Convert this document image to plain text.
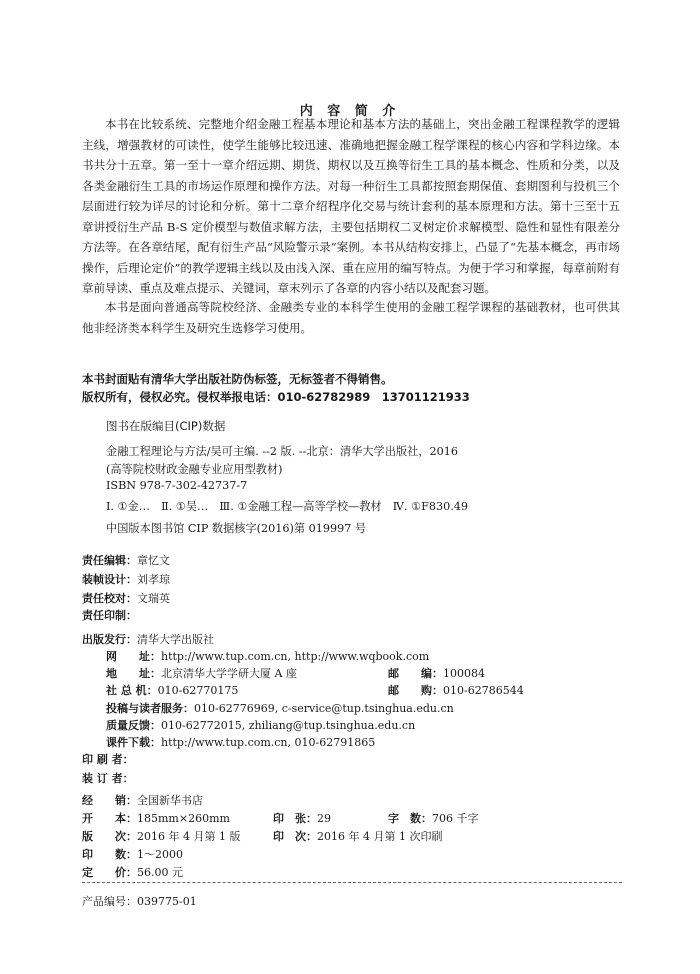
内 容 简 介

本书在比较系统、完整地介绍金融工程基本理论和基本方法的基础上，突出金融工程课程教学的逻辑主线，增强教材的可读性，使学生能够比较迅速、准确地把握金融工程学课程的核心内容和学科边缘。本书共分十五章。第一至十一章介绍远期、期货、期权以及互换等衍生工具的基本概念、性质和分类，以及各类金融衍生工具的市场运作原理和操作方法。对每一种衍生工具都按照套期保值、套期图利与投机三个层面进行较为详尽的讨论和分析。第十二章介绍程序化交易与统计套利的基本原理和方法。第十三至十五章讲授衍生产品 B-S 定价模型与数值求解方法，主要包括期权二叉树定价求解模型、隐性和显性有限差分方法等。在各章结尾，配有衍生产品“风险警示录”案例。本书从结构安排上，凸显了“先基本概念，再市场操作，后理论定价”的教学逻辑主线以及由浅入深、重在应用的编写特点。为便于学习和掌握，每章前附有章前导读、重点及难点提示、关键词，章末列示了各章的内容小结以及配套习题。

本书是面向普通高等院校经济、金融类专业的本科学生使用的金融工程学课程的基础教材，也可供其他非经济类本科学生及研究生选修学习使用。

本书封面贴有清华大学出版社防伪标签，无标签者不得销售。
版权所有，侵权必究。侵权举报电话：010-62782989　13701121933
图书在版编目(CIP)数据
金融工程理论与方法/吴可主编. --2 版. --北京：清华大学出版社，2016
(高等院校财政金融专业应用型教材)
ISBN 978-7-302-42737-7
Ⅰ. ①金…　Ⅱ. ①吴…　Ⅲ. ①金融工程—高等学校—教材　Ⅳ. ①F830.49
中国版本图书馆 CIP 数据核字(2016)第 019997 号
责任编辑：章忆文
装帧设计：刘孝琼
责任校对：文瑞英
责任印制：
出版发行：清华大学出版社
网　　址：http://www.tup.com.cn, http://www.wqbook.com
地　　址：北京清华大学学研大厦 A 座	邮　　编：100084
社 总 机：010-62770175	邮　　购：010-62786544
投稿与读者服务：010-62776969, c-service@tup.tsinghua.edu.cn
质量反馈：010-62772015, zhiliang@tup.tsinghua.edu.cn
课件下载：http://www.tup.com.cn, 010-62791865
印 刷 者：
装 订 者：
经　　销：全国新华书店
开　　本：185mm×260mm	印　张：29	字　数：706 千字
版　　次：2016 年 4 月第 1 版	印　次：2016 年 4 月第 1 次印刷
印　　数：1～2000
定　　价：56.00 元
产品编号：039775-01
